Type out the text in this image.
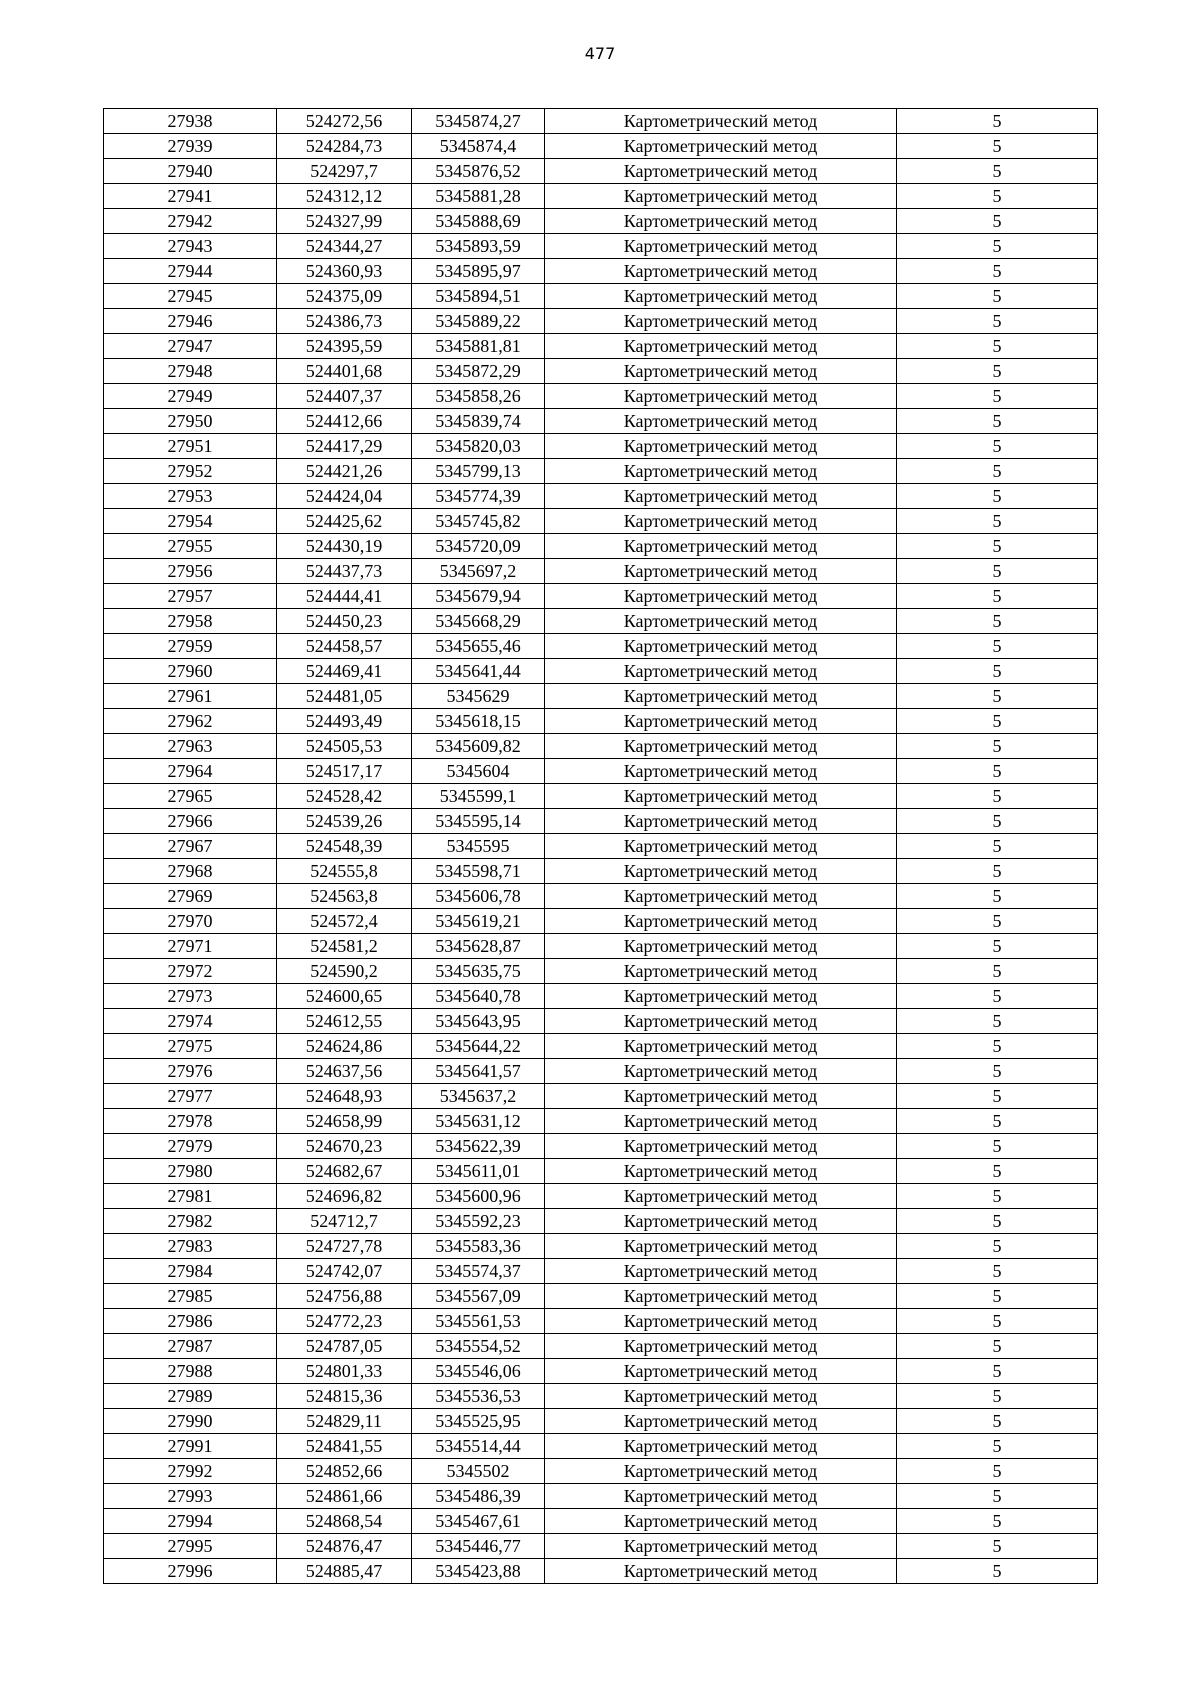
477
27938	524272,56	5345874,27	Картометрический метод	5
27939	524284,73	5345874,4	Картометрический метод	5
27940	524297,7	5345876,52	Картометрический метод	5
27941	524312,12	5345881,28	Картометрический метод	5
27942	524327,99	5345888,69	Картометрический метод	5
27943	524344,27	5345893,59	Картометрический метод	5
27944	524360,93	5345895,97	Картометрический метод	5
27945	524375,09	5345894,51	Картометрический метод	5
27946	524386,73	5345889,22	Картометрический метод	5
27947	524395,59	5345881,81	Картометрический метод	5
27948	524401,68	5345872,29	Картометрический метод	5
27949	524407,37	5345858,26	Картометрический метод	5
27950	524412,66	5345839,74	Картометрический метод	5
27951	524417,29	5345820,03	Картометрический метод	5
27952	524421,26	5345799,13	Картометрический метод	5
27953	524424,04	5345774,39	Картометрический метод	5
27954	524425,62	5345745,82	Картометрический метод	5
27955	524430,19	5345720,09	Картометрический метод	5
27956	524437,73	5345697,2	Картометрический метод	5
27957	524444,41	5345679,94	Картометрический метод	5
27958	524450,23	5345668,29	Картометрический метод	5
27959	524458,57	5345655,46	Картометрический метод	5
27960	524469,41	5345641,44	Картометрический метод	5
27961	524481,05	5345629	Картометрический метод	5
27962	524493,49	5345618,15	Картометрический метод	5
27963	524505,53	5345609,82	Картометрический метод	5
27964	524517,17	5345604	Картометрический метод	5
27965	524528,42	5345599,1	Картометрический метод	5
27966	524539,26	5345595,14	Картометрический метод	5
27967	524548,39	5345595	Картометрический метод	5
27968	524555,8	5345598,71	Картометрический метод	5
27969	524563,8	5345606,78	Картометрический метод	5
27970	524572,4	5345619,21	Картометрический метод	5
27971	524581,2	5345628,87	Картометрический метод	5
27972	524590,2	5345635,75	Картометрический метод	5
27973	524600,65	5345640,78	Картометрический метод	5
27974	524612,55	5345643,95	Картометрический метод	5
27975	524624,86	5345644,22	Картометрический метод	5
27976	524637,56	5345641,57	Картометрический метод	5
27977	524648,93	5345637,2	Картометрический метод	5
27978	524658,99	5345631,12	Картометрический метод	5
27979	524670,23	5345622,39	Картометрический метод	5
27980	524682,67	5345611,01	Картометрический метод	5
27981	524696,82	5345600,96	Картометрический метод	5
27982	524712,7	5345592,23	Картометрический метод	5
27983	524727,78	5345583,36	Картометрический метод	5
27984	524742,07	5345574,37	Картометрический метод	5
27985	524756,88	5345567,09	Картометрический метод	5
27986	524772,23	5345561,53	Картометрический метод	5
27987	524787,05	5345554,52	Картометрический метод	5
27988	524801,33	5345546,06	Картометрический метод	5
27989	524815,36	5345536,53	Картометрический метод	5
27990	524829,11	5345525,95	Картометрический метод	5
27991	524841,55	5345514,44	Картометрический метод	5
27992	524852,66	5345502	Картометрический метод	5
27993	524861,66	5345486,39	Картометрический метод	5
27994	524868,54	5345467,61	Картометрический метод	5
27995	524876,47	5345446,77	Картометрический метод	5
27996	524885,47	5345423,88	Картометрический метод	5
